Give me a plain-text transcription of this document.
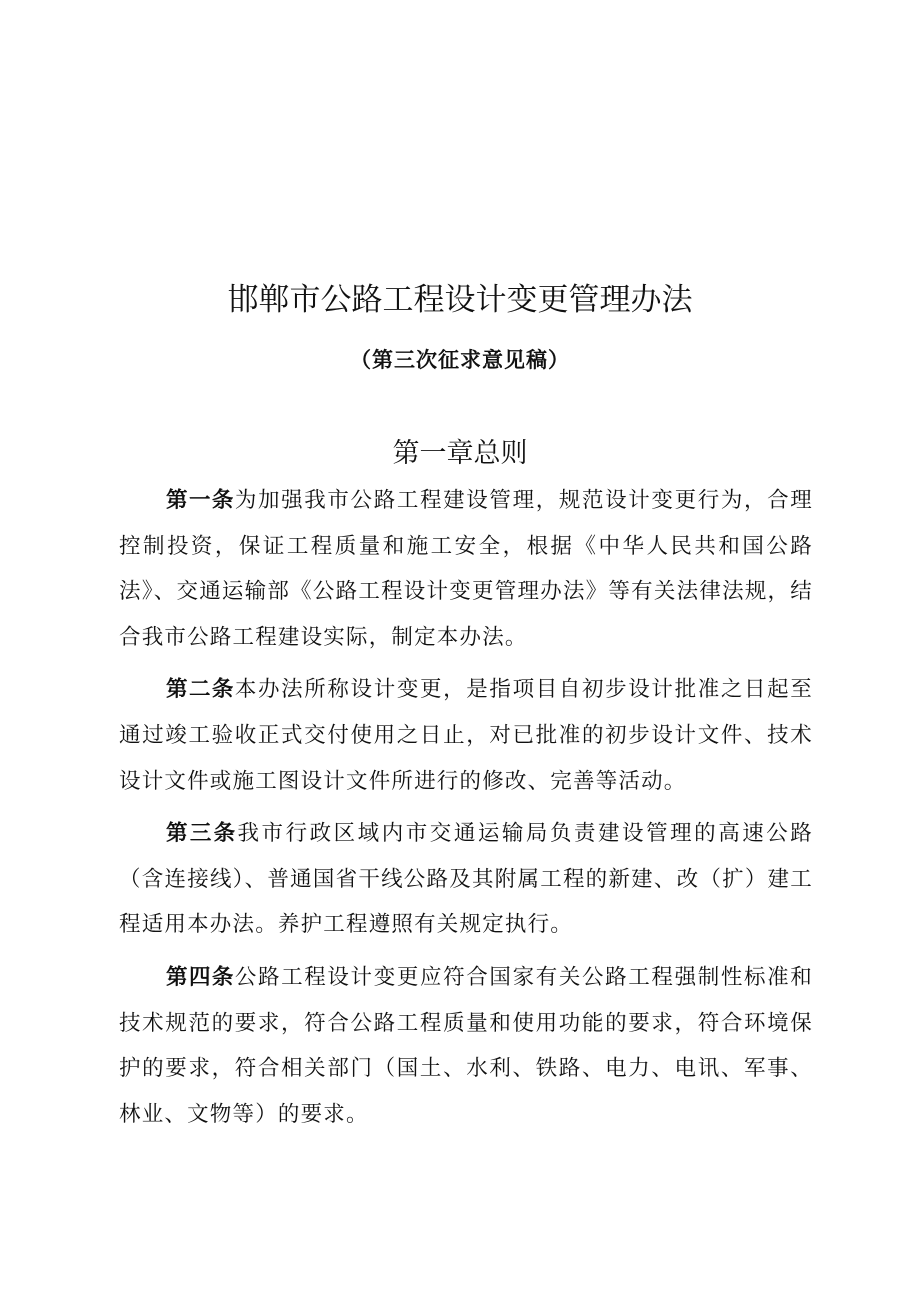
邯郸市公路工程设计变更管理办法
（第三次征求意见稿）
第一章总则

第一条为加强我市公路工程建设管理，规范设计变更行为，合理控制投资，保证工程质量和施工安全，根据《中华人民共和国公路法》、交通运输部《公路工程设计变更管理办法》等有关法律法规，结合我市公路工程建设实际，制定本办法。

第二条本办法所称设计变更，是指项目自初步设计批准之日起至通过竣工验收正式交付使用之日止，对已批准的初步设计文件、技术设计文件或施工图设计文件所进行的修改、完善等活动。

第三条我市行政区域内市交通运输局负责建设管理的高速公路（含连接线）、普通国省干线公路及其附属工程的新建、改（扩）建工程适用本办法。养护工程遵照有关规定执行。

第四条公路工程设计变更应符合国家有关公路工程强制性标准和技术规范的要求，符合公路工程质量和使用功能的要求，符合环境保护的要求，符合相关部门（国土、水利、铁路、电力、电讯、军事、林业、文物等）的要求。
